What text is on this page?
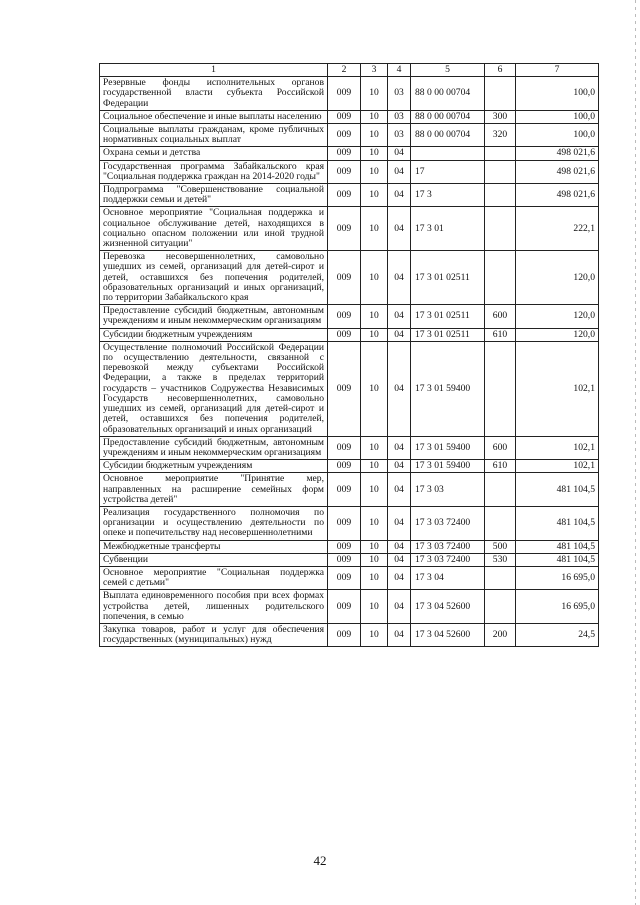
1	2	3	4	5	6	7
Резервные фонды исполнительных органов государственной власти субъекта Российской Федерации	009	10	03	88 0 00 00704		100,0
Социальное обеспечение и иные выплаты населению	009	10	03	88 0 00 00704	300	100,0
Социальные выплаты гражданам, кроме публичных нормативных социальных выплат	009	10	03	88 0 00 00704	320	100,0
Охрана семьи и детства	009	10	04			498 021,6
Государственная программа Забайкальского края "Социальная поддержка граждан на 2014-2020 годы"	009	10	04	17		498 021,6
Подпрограмма "Совершенствование социальной поддержки семьи и детей"	009	10	04	17 3		498 021,6
Основное мероприятие "Социальная поддержка и социальное обслуживание детей, находящихся в социально опасном положении или иной трудной жизненной ситуации"	009	10	04	17 3 01		222,1
Перевозка несовершеннолетних, самовольно ушедших из семей, организаций для детей-сирот и детей, оставшихся без попечения родителей, образовательных организаций и иных организаций, по территории Забайкальского края	009	10	04	17 3 01 02511		120,0
Предоставление субсидий бюджетным, автономным учреждениям и иным некоммерческим организациям	009	10	04	17 3 01 02511	600	120,0
Субсидии бюджетным учреждениям	009	10	04	17 3 01 02511	610	120,0
Осуществление полномочий Российской Федерации по осуществлению деятельности, связанной с перевозкой между субъектами Российской Федерации, а также в пределах территорий государств – участников Содружества Независимых Государств несовершеннолетних, самовольно ушедших из семей, организаций для детей-сирот и детей, оставшихся без попечения родителей, образовательных организаций и иных организаций	009	10	04	17 3 01 59400		102,1
Предоставление субсидий бюджетным, автономным учреждениям и иным некоммерческим организациям	009	10	04	17 3 01 59400	600	102,1
Субсидии бюджетным учреждениям	009	10	04	17 3 01 59400	610	102,1
Основное мероприятие "Принятие мер, направленных на расширение семейных форм устройства детей"	009	10	04	17 3 03		481 104,5
Реализация государственного полномочия по организации и осуществлению деятельности по опеке и попечительству над несовершеннолетними	009	10	04	17 3 03 72400		481 104,5
Межбюджетные трансферты	009	10	04	17 3 03 72400	500	481 104,5
Субвенции	009	10	04	17 3 03 72400	530	481 104,5
Основное мероприятие "Социальная поддержка семей с детьми"	009	10	04	17 3 04		16 695,0
Выплата единовременного пособия при всех формах устройства детей, лишенных родительского попечения, в семью	009	10	04	17 3 04 52600		16 695,0
Закупка товаров, работ и услуг для обеспечения государственных (муниципальных) нужд	009	10	04	17 3 04 52600	200	24,5
42
